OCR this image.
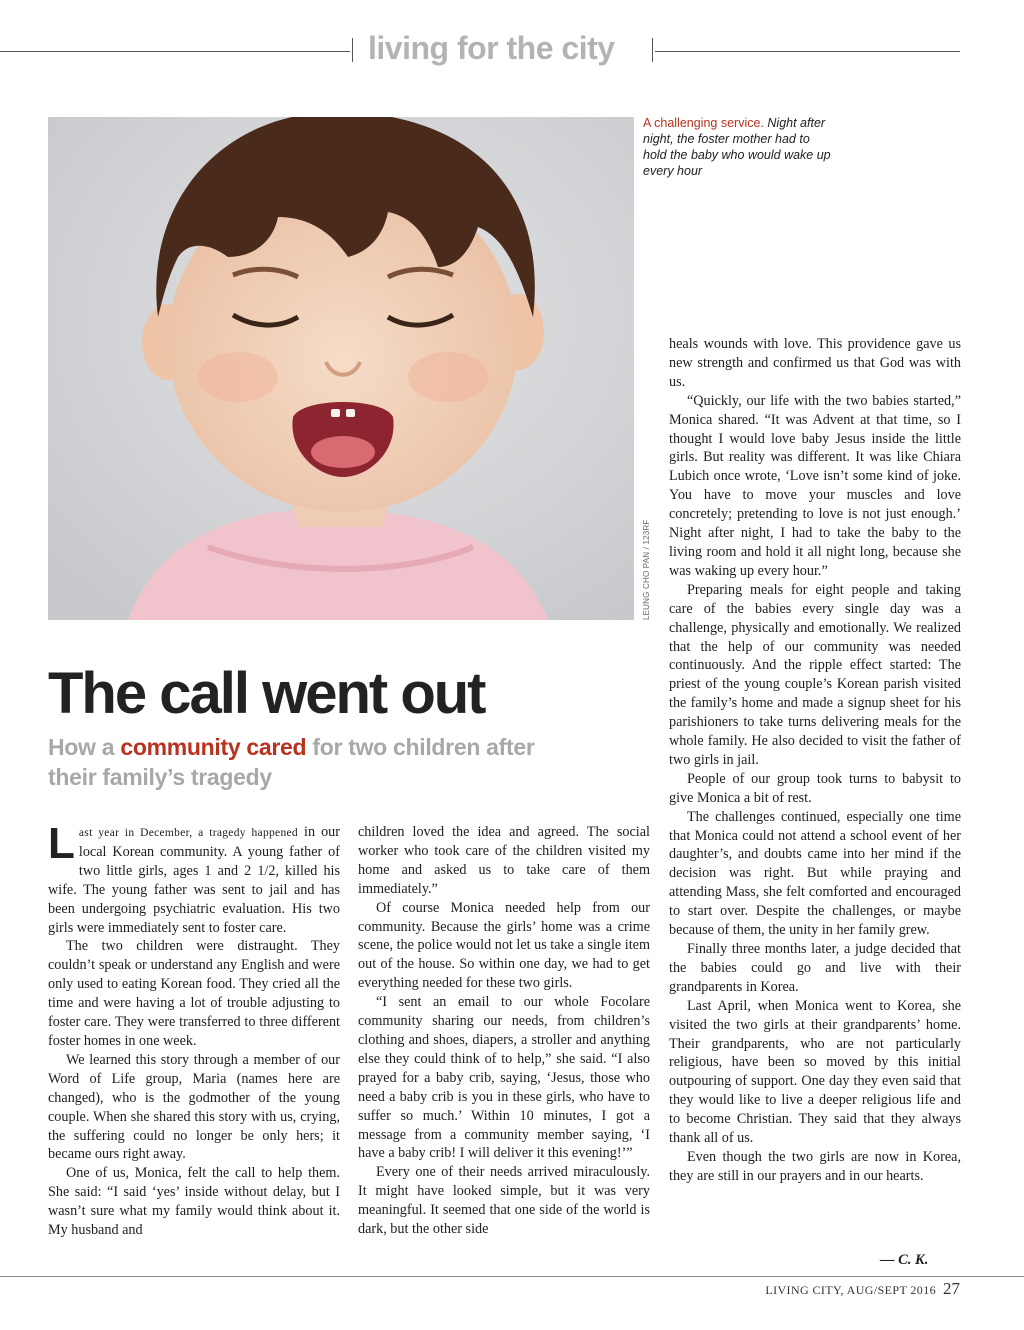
living for the city
LEUNG CHO PAN / 123RF
A challenging service. Night after night, the foster mother had to hold the baby who would wake up every hour
The call went out
How a community cared for two children after their family’s tragedy

Last year in December, a tragedy happened in our local Korean community. A young father of two little girls, ages 1 and 2 1/2, killed his wife. The young father was sent to jail and has been undergoing psychiatric evaluation. His two girls were immediately sent to foster care.

The two children were distraught. They couldn’t speak or understand any English and were only used to eating Korean food. They cried all the time and were having a lot of trouble adjusting to foster care. They were transferred to three different foster homes in one week.

We learned this story through a member of our Word of Life group, Maria (names here are changed), who is the godmother of the young couple. When she shared this story with us, crying, the suffering could no longer be only hers; it became ours right away.

One of us, Monica, felt the call to help them. She said: “I said ‘yes’ inside without delay, but I wasn’t sure what my family would think about it. My husband and

children loved the idea and agreed. The social worker who took care of the children visited my home and asked us to take care of them immediately.”

Of course Monica needed help from our community. Because the girls’ home was a crime scene, the police would not let us take a single item out of the house. So within one day, we had to get everything needed for these two girls.

“I sent an email to our whole Focolare community sharing our needs, from children’s clothing and shoes, diapers, a stroller and anything else they could think of to help,” she said. “I also prayed for a baby crib, saying, ‘Jesus, those who need a baby crib is you in these girls, who have to suffer so much.’ Within 10 minutes, I got a message from a community member saying, ‘I have a baby crib! I will deliver it this evening!’”

Every one of their needs arrived miraculously. It might have looked simple, but it was very meaningful. It seemed that one side of the world is dark, but the other side

heals wounds with love. This providence gave us new strength and confirmed us that God was with us.

“Quickly, our life with the two babies started,” Monica shared. “It was Advent at that time, so I thought I would love baby Jesus inside the little girls. But reality was different. It was like Chiara Lubich once wrote, ‘Love isn’t some kind of joke. You have to move your muscles and love concretely; pretending to love is not just enough.’ Night after night, I had to take the baby to the living room and hold it all night long, because she was waking up every hour.”

Preparing meals for eight people and taking care of the babies every single day was a challenge, physically and emotionally. We realized that the help of our community was needed continuously. And the ripple effect started: The priest of the young couple’s Korean parish visited the family’s home and made a signup sheet for his parishioners to take turns delivering meals for the whole family. He also decided to visit the father of two girls in jail.

People of our group took turns to babysit to give Monica a bit of rest.

The challenges continued, especially one time that Monica could not attend a school event of her daughter’s, and doubts came into her mind if the decision was right. But while praying and attending Mass, she felt comforted and encouraged to start over. Despite the challenges, or maybe because of them, the unity in her family grew.

Finally three months later, a judge decided that the babies could go and live with their grandparents in Korea.

Last April, when Monica went to Korea, she visited the two girls at their grandparents’ home. Their grandparents, who are not particularly religious, have been so moved by this initial outpouring of support. One day they even said that they would like to live a deeper religious life and to become Christian. They said that they always thank all of us.

Even though the two girls are now in Korea, they are still in our prayers and in our hearts.

— C. K.
LIVING CITY, AUG/SEPT 2016 27
